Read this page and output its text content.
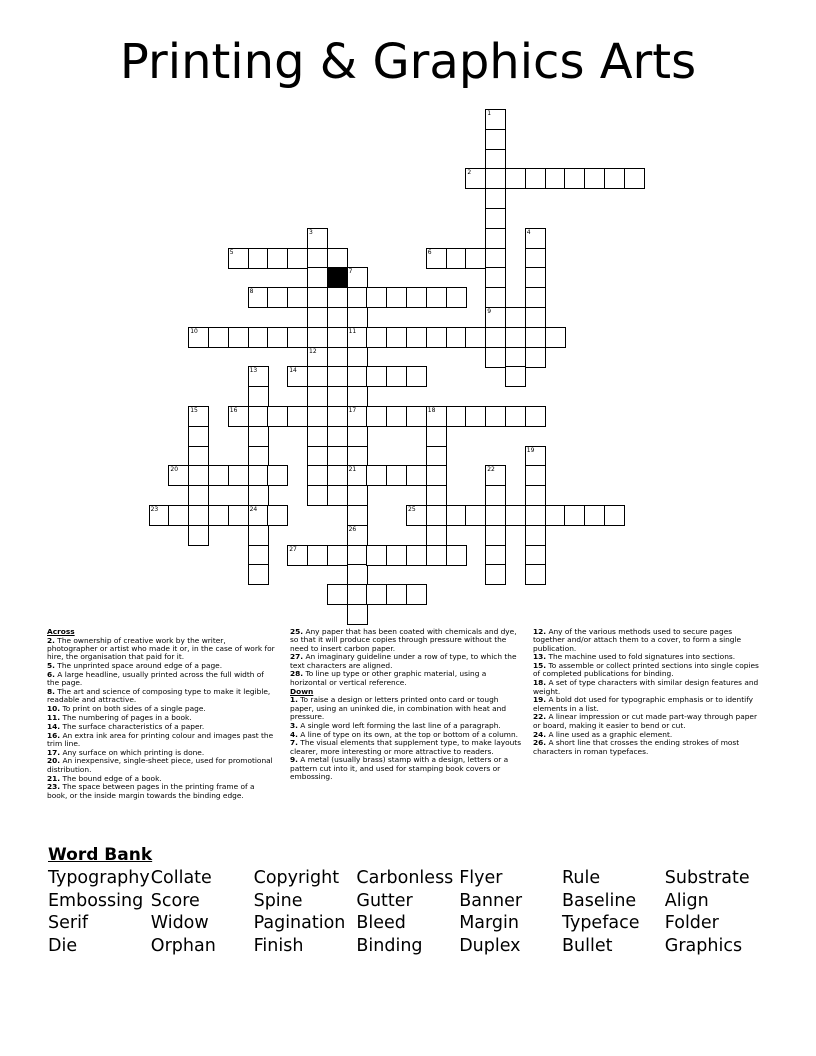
Printing & Graphics Arts
1
9
2
3
12
4
5	6
7
11
17
21
26
8
10
13
24
14
15	16	18
19
20	22
23	25
27

Across

2. The ownership of creative work by the writer, photographer or artist who made it or, in the case of work for hire, the organisation that paid for it.

5. The unprinted space around edge of a page.

6. A large headline, usually printed across the full width of the page.

8. The art and science of composing type to make it legible, readable and attractive.

10. To print on both sides of a single page.

11. The numbering of pages in a book.

14. The surface characteristics of a paper.

16. An extra ink area for printing colour and images past the trim line.

17. Any surface on which printing is done.

20. An inexpensive, single-sheet piece, used for promotional distribution.

21. The bound edge of a book.

23. The space between pages in the printing frame of a book, or the inside margin towards the binding edge.

25. Any paper that has been coated with chemicals and dye, so that it will produce copies through pressure without the need to insert carbon paper.

27. An imaginary guideline under a row of type, to which the text characters are aligned.

28. To line up type or other graphic material, using a horizontal or vertical reference.

Down

1. To raise a design or letters printed onto card or tough paper, using an uninked die, in combination with heat and pressure.

3. A single word left forming the last line of a paragraph.

4. A line of type on its own, at the top or bottom of a column.

7. The visual elements that supplement type, to make layouts clearer, more interesting or more attractive to readers.

9. A metal (usually brass) stamp with a design, letters or a pattern cut into it, and used for stamping book covers or embossing.

12. Any of the various methods used to secure pages together and/or attach them to a cover, to form a single publication.

13. The machine used to fold signatures into sections.

15. To assemble or collect printed sections into single copies of completed publications for binding.

18. A set of type characters with similar design features and weight.

19. A bold dot used for typographic emphasis or to identify elements in a list.

22. A linear impression or cut made part-way through paper or board, making it easier to bend or cut.

24. A line used as a graphic element.

26. A short line that crosses the ending strokes of most characters in roman typefaces.

Word Bank
Typography
Embossing
Serif
Die
Collate
Score
Widow
Orphan
Copyright
Spine
Pagination
Finish
Carbonless
Gutter
Bleed
Binding
Flyer
Banner
Margin
Duplex
Rule
Baseline
Typeface
Bullet
Substrate
Align
Folder
Graphics
